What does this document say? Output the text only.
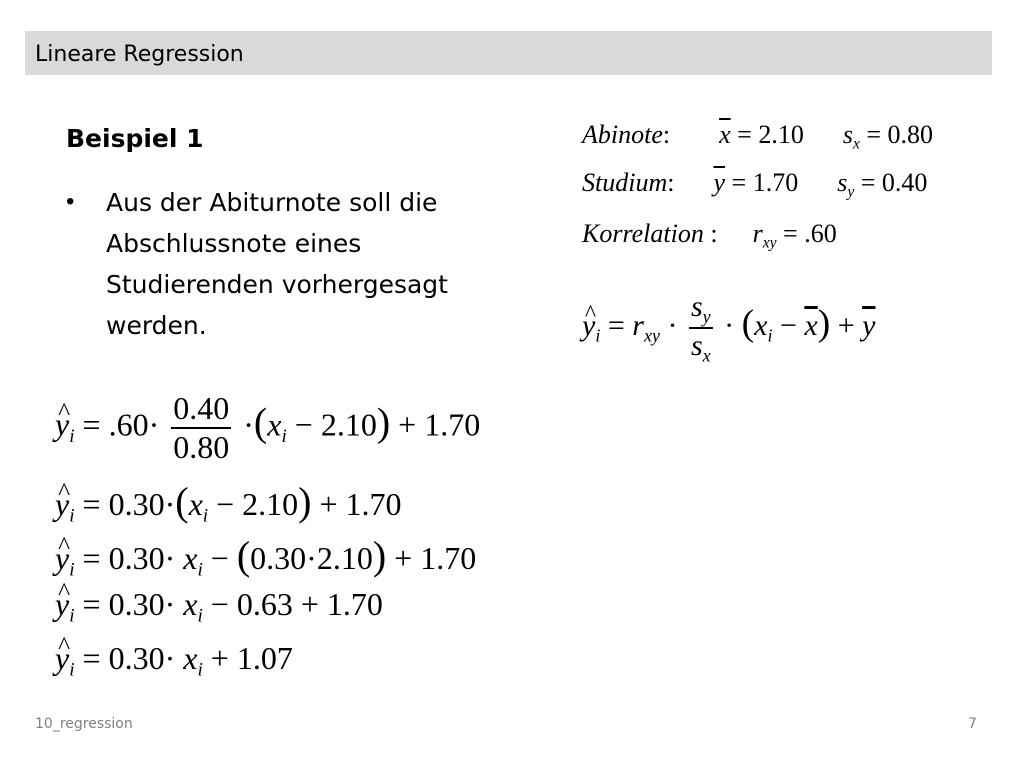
Lineare Regression
Beispiel 1
• Aus der Abiturnote soll die Abschlussnote eines Studierenden vorhergesagt werden.
Abinote:  $\overline{x} = 2.10$ $s_x = 0.80$
Studium:  $\overline{y} = 1.70$ $s_y = 0.40$
Korrelation :  $r_{xy} = .60$
^ $y_i = r_{xy} \cdot \frac{s_y}{s_x} \cdot (x_i - \overline{x}) + \overline{y}$
^ $y_i = .60\cdot \frac{0.40}{0.80} \cdot(x_i - 2.10) + 1.70$
^ $y_i = 0.30\cdot(x_i - 2.10) + 1.70$
^ $y_i = 0.30\cdot x_i - (0.30\cdot 2.10) + 1.70$
^ $y_i = 0.30\cdot x_i - 0.63 + 1.70$
^ $y_i = 0.30\cdot x_i + 1.07$
10_regression	7
